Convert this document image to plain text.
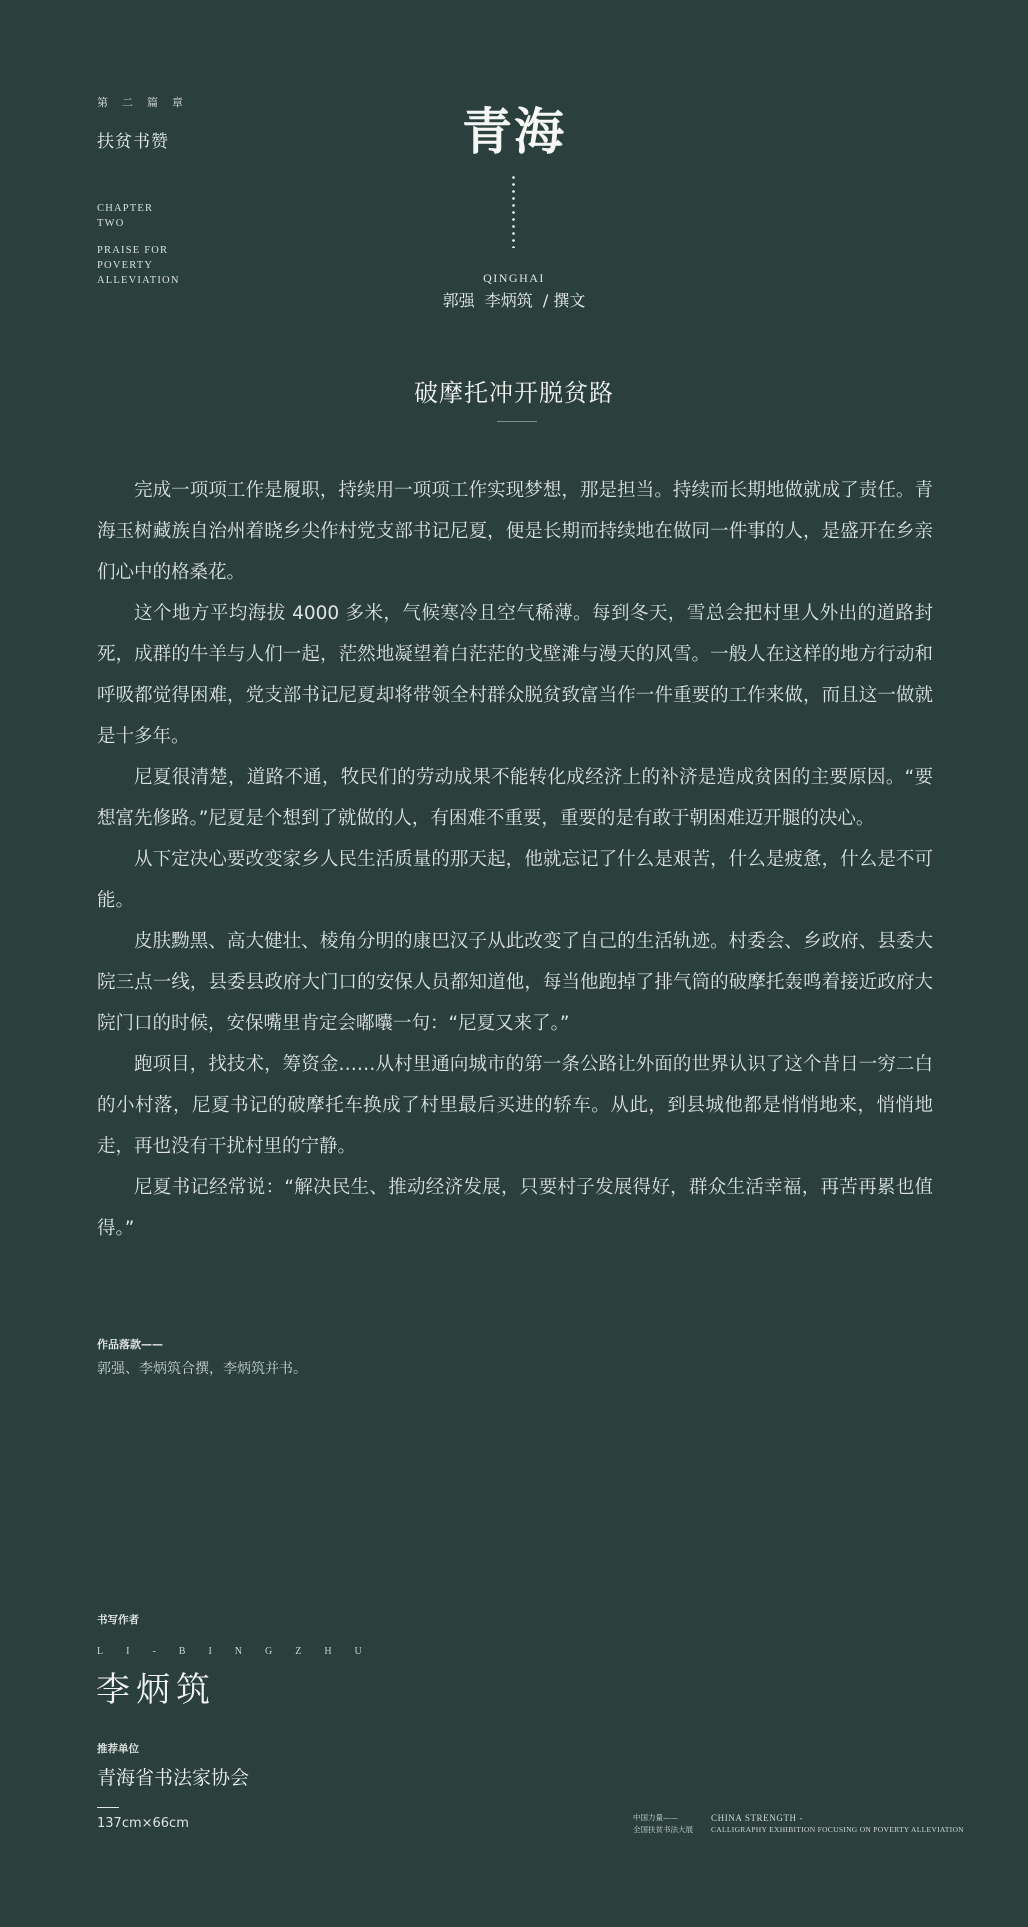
第二篇章
扶贫书赞
CHAPTER
TWO
PRAISE FOR
POVERTY
ALLEVIATION
青海
QINGHAI
郭强  李炳筑  / 撰文
破摩托冲开脱贫路

完成一项项工作是履职，持续用一项项工作实现梦想，那是担当。持续而长期地做就成了责任。青海玉树藏族自治州着晓乡尖作村党支部书记尼夏，便是长期而持续地在做同一件事的人，是盛开在乡亲们心中的格桑花。

这个地方平均海拔 4000 多米，气候寒冷且空气稀薄。每到冬天，雪总会把村里人外出的道路封死，成群的牛羊与人们一起，茫然地凝望着白茫茫的戈壁滩与漫天的风雪。一般人在这样的地方行动和呼吸都觉得困难，党支部书记尼夏却将带领全村群众脱贫致富当作一件重要的工作来做，而且这一做就是十多年。

尼夏很清楚，道路不通，牧民们的劳动成果不能转化成经济上的补济是造成贫困的主要原因。“要想富先修路。”尼夏是个想到了就做的人，有困难不重要，重要的是有敢于朝困难迈开腿的决心。

从下定决心要改变家乡人民生活质量的那天起，他就忘记了什么是艰苦，什么是疲惫，什么是不可能。

皮肤黝黑、高大健壮、棱角分明的康巴汉子从此改变了自己的生活轨迹。村委会、乡政府、县委大院三点一线，县委县政府大门口的安保人员都知道他，每当他跑掉了排气筒的破摩托轰鸣着接近政府大院门口的时候，安保嘴里肯定会嘟囔一句：“尼夏又来了。”

跑项目，找技术，筹资金……从村里通向城市的第一条公路让外面的世界认识了这个昔日一穷二白的小村落，尼夏书记的破摩托车换成了村里最后买进的轿车。从此，到县城他都是悄悄地来，悄悄地走，再也没有干扰村里的宁静。

尼夏书记经常说：“解决民生、推动经济发展，只要村子发展得好，群众生活幸福，再苦再累也值得。”

作品落款——
郭强、李炳筑合撰，李炳筑并书。
书写作者
LI-BINGZHU
李炳筑
推荐单位
青海省书法家协会
137cm×66cm	中国力量——
全国扶贫书法大展
CHINA STRENGTH -
CALLIGRAPHY EXHIBITION FOCUSING ON POVERTY ALLEVIATION
